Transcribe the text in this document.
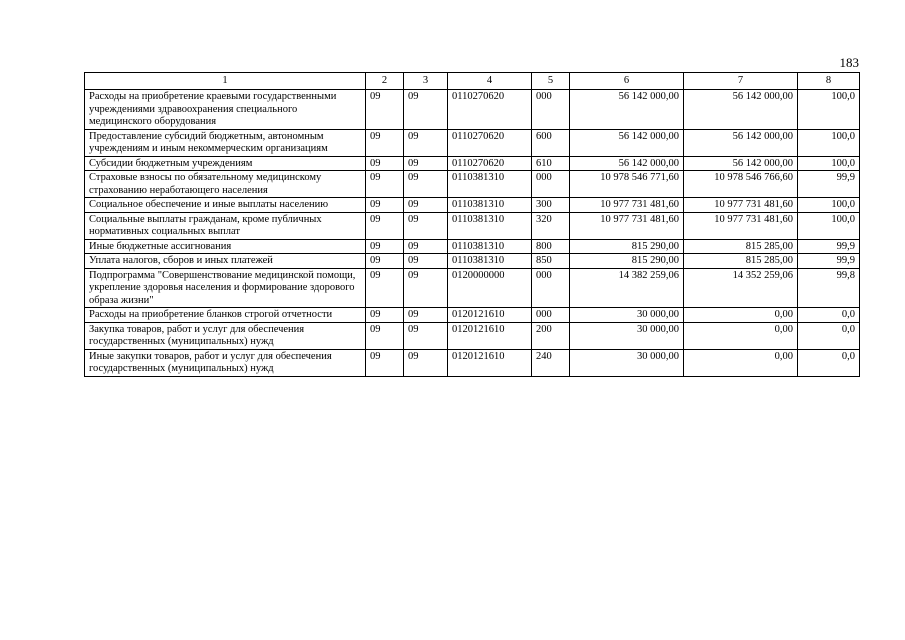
183
1	2	3	4	5	6	7	8
Расходы на приобретение краевыми государственными учреждениями здравоохранения специального медицинского оборудования	09	09	0110270620	000	56 142 000,00	56 142 000,00	100,0
Предоставление субсидий бюджетным, автономным учреждениям и иным некоммерческим организациям	09	09	0110270620	600	56 142 000,00	56 142 000,00	100,0
Субсидии бюджетным учреждениям	09	09	0110270620	610	56 142 000,00	56 142 000,00	100,0
Страховые взносы по обязательному медицинскому страхованию неработающего населения	09	09	0110381310	000	10 978 546 771,60	10 978 546 766,60	99,9
Социальное обеспечение и иные выплаты населению	09	09	0110381310	300	10 977 731 481,60	10 977 731 481,60	100,0
Социальные выплаты гражданам, кроме публичных нормативных социальных выплат	09	09	0110381310	320	10 977 731 481,60	10 977 731 481,60	100,0
Иные бюджетные ассигнования	09	09	0110381310	800	815 290,00	815 285,00	99,9
Уплата налогов, сборов и иных платежей	09	09	0110381310	850	815 290,00	815 285,00	99,9
Подпрограмма "Совершенствование медицинской помощи, укрепление здоровья населения и формирование здорового образа жизни"	09	09	0120000000	000	14 382 259,06	14 352 259,06	99,8
Расходы на приобретение бланков строгой отчетности	09	09	0120121610	000	30 000,00	0,00	0,0
Закупка товаров, работ и услуг для обеспечения государственных (муниципальных) нужд	09	09	0120121610	200	30 000,00	0,00	0,0
Иные закупки товаров, работ и услуг для обеспечения государственных (муниципальных) нужд	09	09	0120121610	240	30 000,00	0,00	0,0
